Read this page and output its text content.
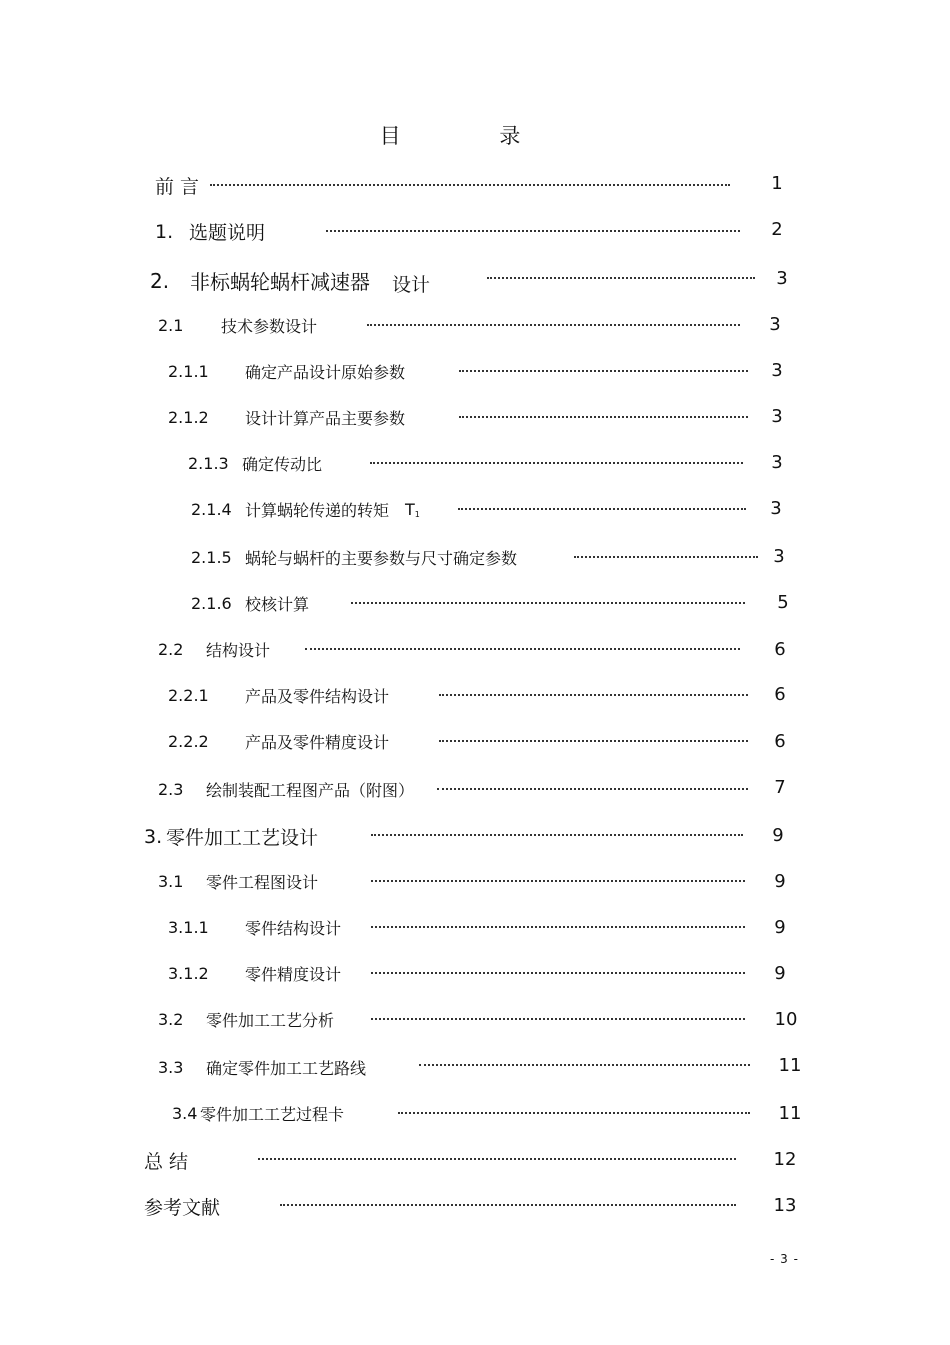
目 录
前 言	1
1. 选题说明	2
2.	非标蜗轮蜗杆减速器 设计	3
2.1	技术参数设计	3
2.1.1	确定产品设计原始参数	3
2.1.2	设计计算产品主要参数	3
2.1.3 确定传动比	3
2.1.4 计算蜗轮传递的转矩 $T_1$	3
2.1.5 蜗轮与蜗杆的主要参数与尺寸确定参数	3
2.1.6 校核计算	5
2.2	结构设计	6
2.2.1	产品及零件结构设计	6
2.2.2	产品及零件精度设计	6
2.3	绘制装配工程图产品（附图）	7
3. 零件加工工艺设计	9
3.1	零件工程图设计	9
3.1.1	零件结构设计	9
3.1.2	零件精度设计	9
3.2	零件加工工艺分析	10
3.3	确定零件加工工艺路线	11
3.4 零件加工工艺过程卡	11
总 结	12
参考文献	13
- 3 -
